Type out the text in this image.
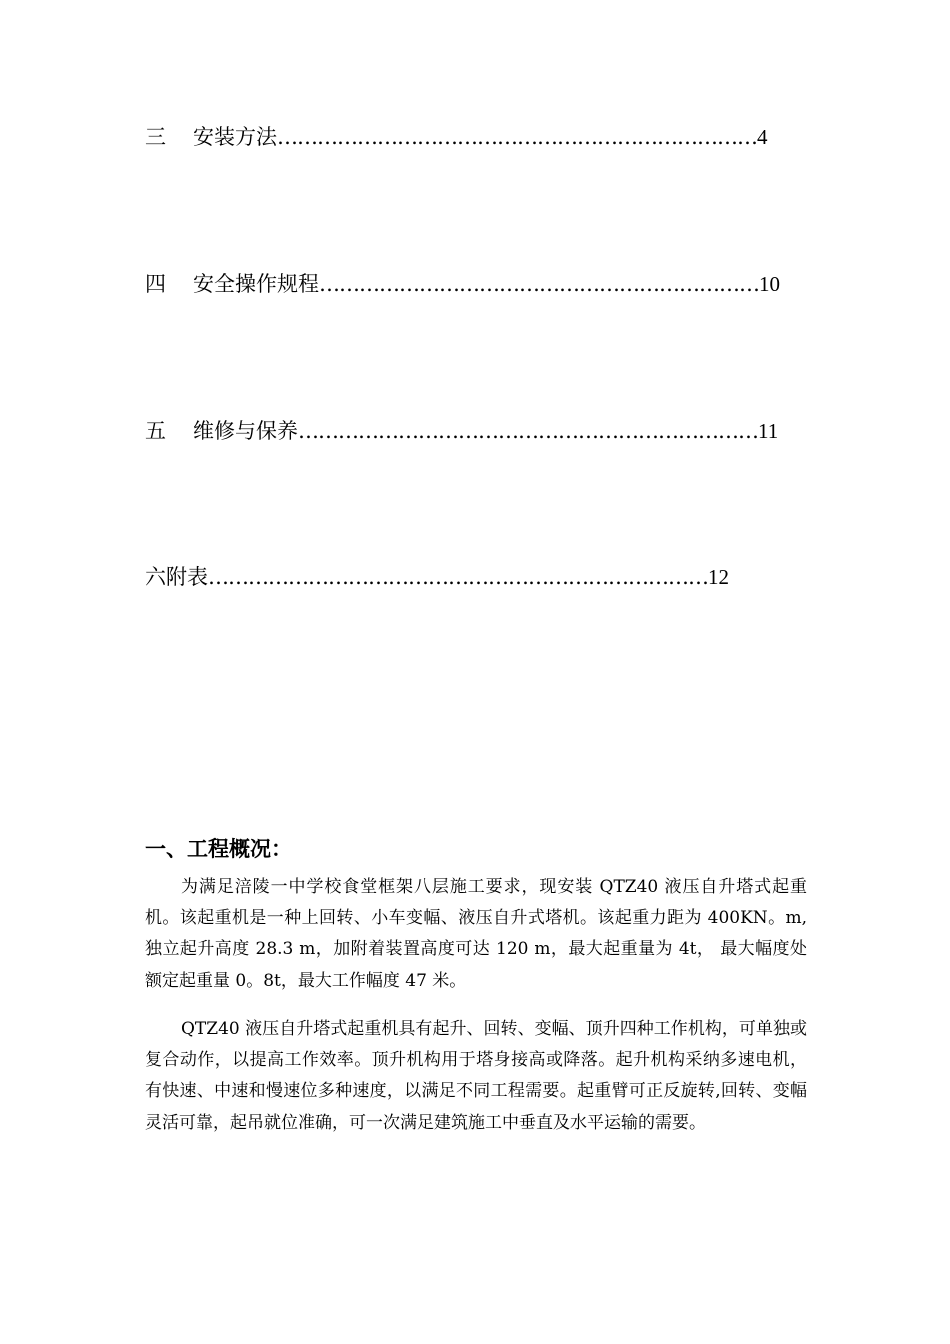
三 安装方法………………………………………………………………4
四 安全操作规程…………………………………………………………10
五 维修与保养……………………………………………………………11
六附表…………………………………………………………………12
一、工程概况：

为满足涪陵一中学校食堂框架八层施工要求，现安装 QTZ40 液压自升塔式起重机。该起重机是一种上回转、小车变幅、液压自升式塔机。该起重力距为 400KN。m,独立起升高度 28.3 m，加附着装置高度可达 120 m，最大起重量为 4t， 最大幅度处额定起重量 0。8t，最大工作幅度 47 米。

QTZ40 液压自升塔式起重机具有起升、回转、变幅、顶升四种工作机构，可单独或复合动作，以提高工作效率。顶升机构用于塔身接高或降落。起升机构采纳多速电机，有快速、中速和慢速位多种速度，以满足不同工程需要。起重臂可正反旋转,回转、变幅灵活可靠，起吊就位准确，可一次满足建筑施工中垂直及水平运输的需要。
